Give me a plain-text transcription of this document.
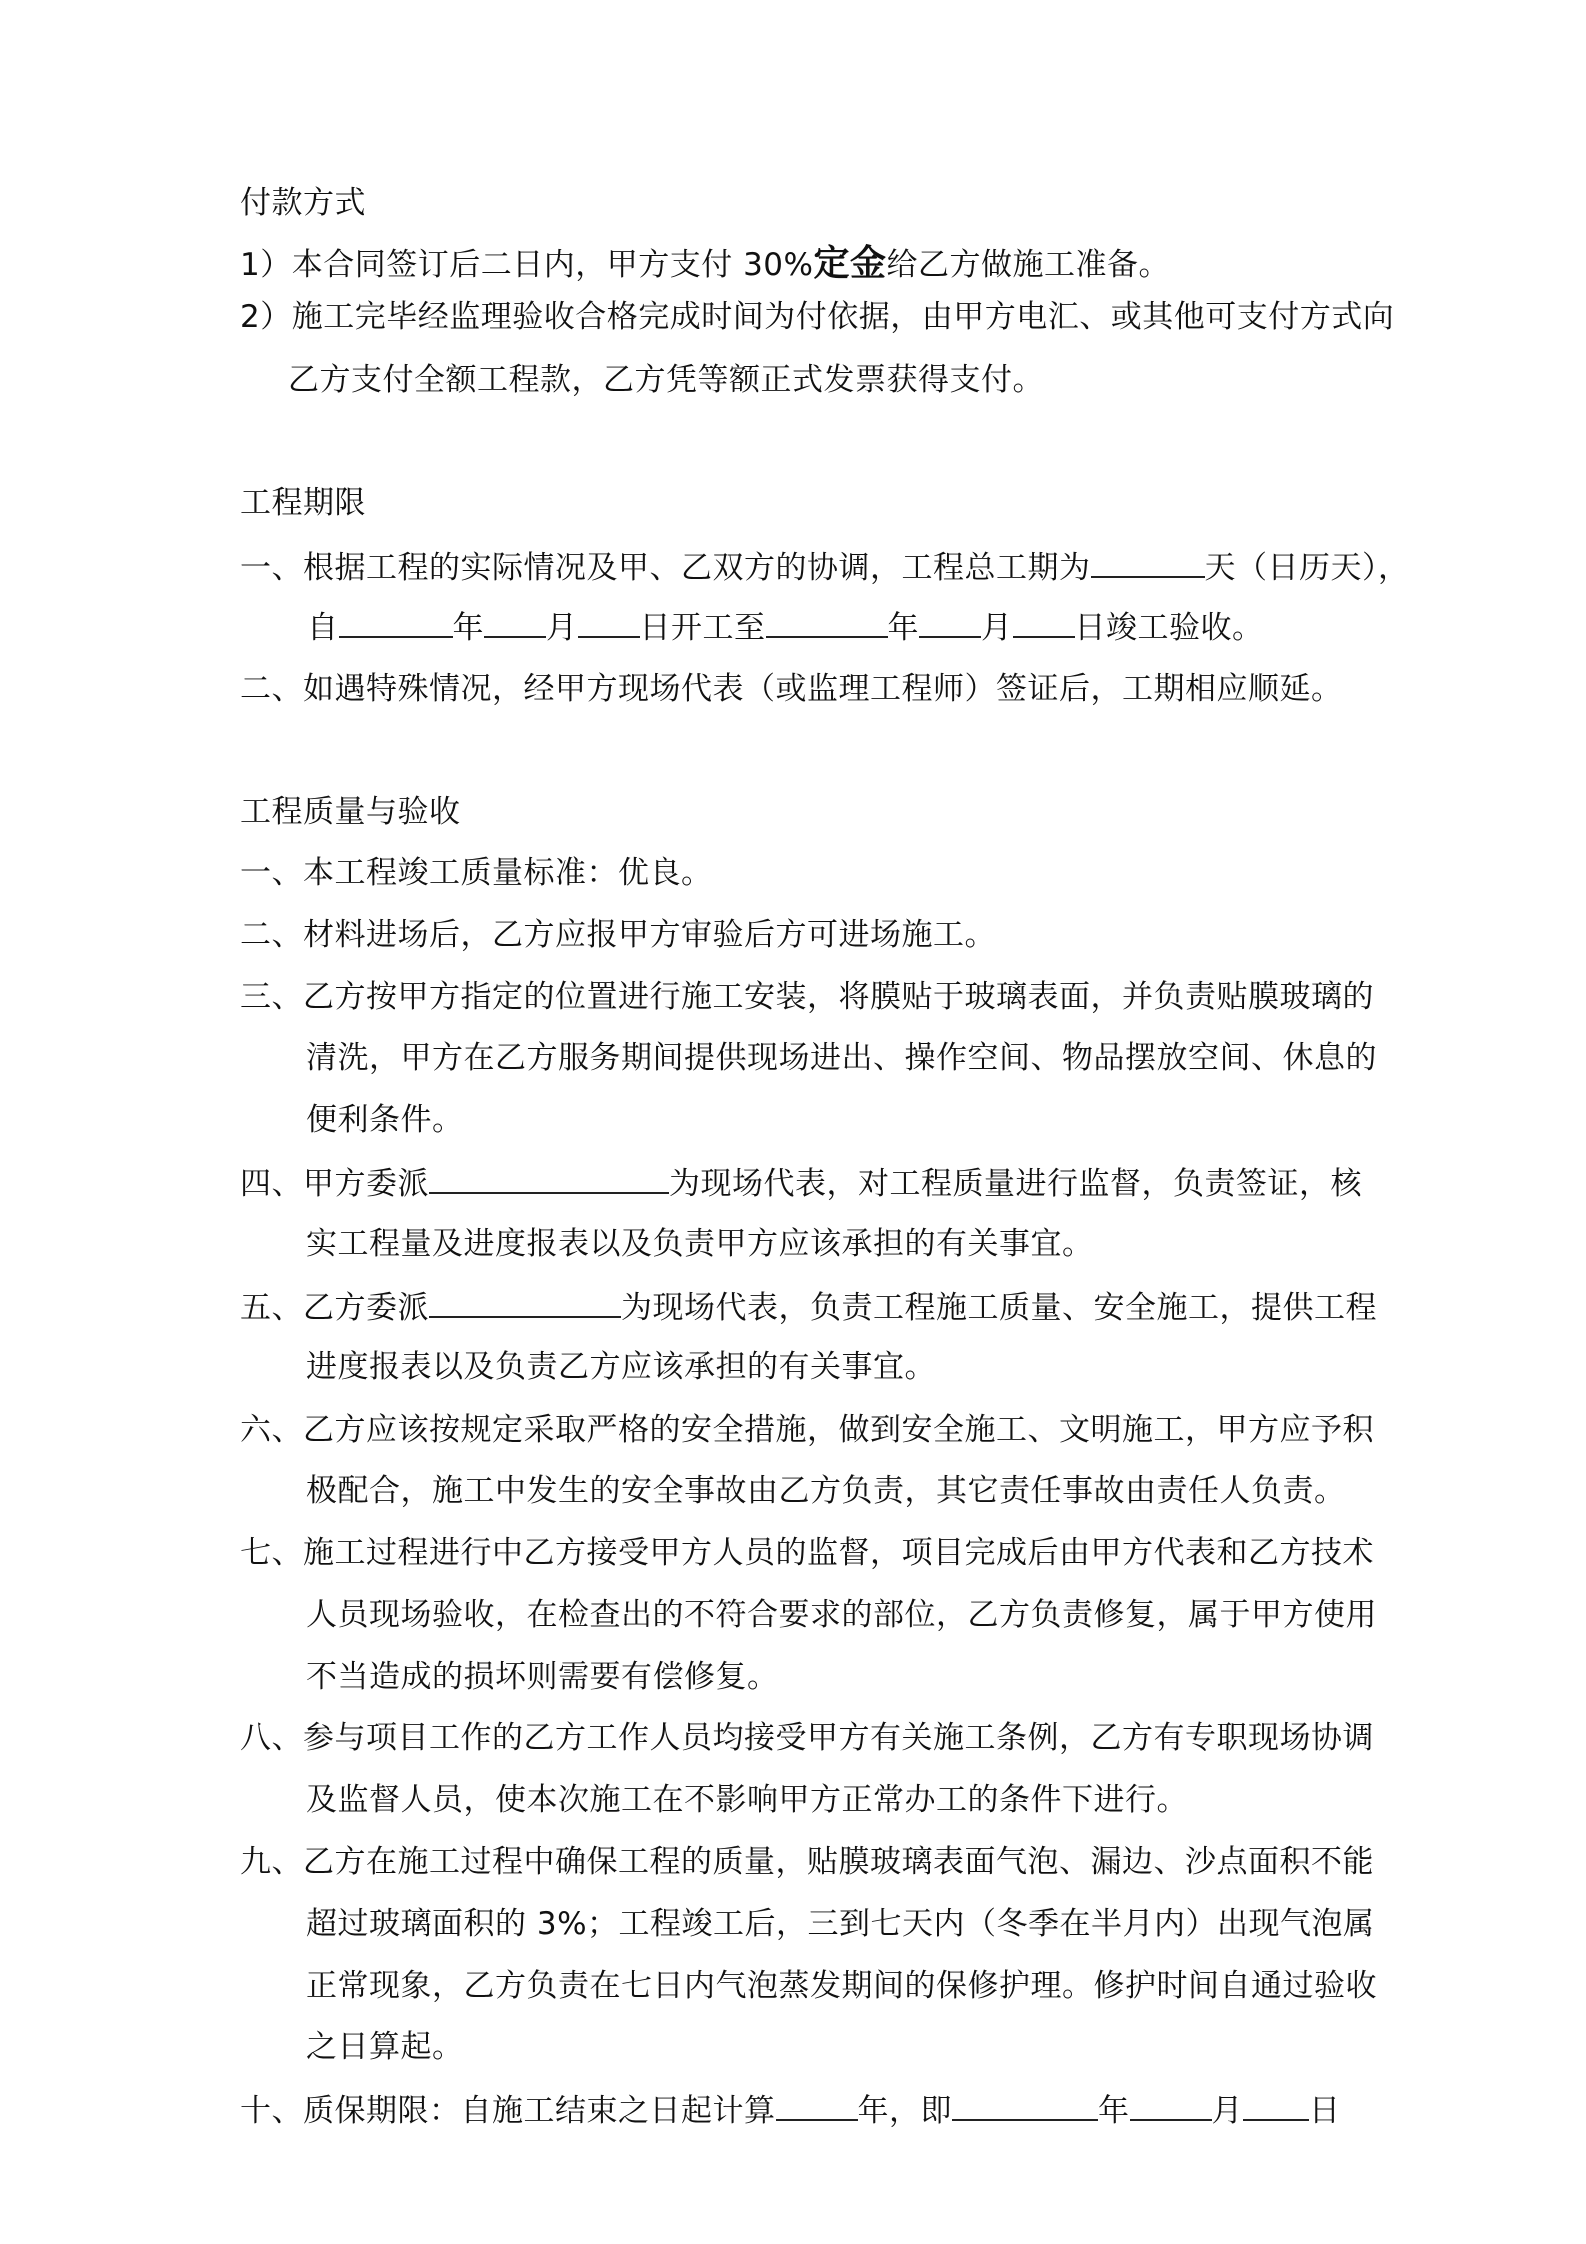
付款方式
1）本合同签订后二日内，甲方支付 30%定金给乙方做施工准备。
2）施工完毕经监理验收合格完成时间为付依据，由甲方电汇、或其他可支付方式向
乙方支付全额工程款，乙方凭等额正式发票获得支付。
工程期限
一、根据工程的实际情况及甲、乙双方的协调，工程总工期为	天（日历天），
自	年 月 日开工至	年 月 日竣工验收。
二、如遇特殊情况，经甲方现场代表（或监理工程师）签证后，工期相应顺延。
工程质量与验收
一、本工程竣工质量标准：优良。
二、材料进场后，乙方应报甲方审验后方可进场施工。
三、乙方按甲方指定的位置进行施工安装，将膜贴于玻璃表面，并负责贴膜玻璃的
清洗，甲方在乙方服务期间提供现场进出、操作空间、物品摆放空间、休息的
便利条件。
四、甲方委派	为现场代表，对工程质量进行监督，负责签证，核
实工程量及进度报表以及负责甲方应该承担的有关事宜。
五、乙方委派	为现场代表，负责工程施工质量、安全施工，提供工程
进度报表以及负责乙方应该承担的有关事宜。
六、乙方应该按规定采取严格的安全措施，做到安全施工、文明施工，甲方应予积
极配合，施工中发生的安全事故由乙方负责，其它责任事故由责任人负责。
七、施工过程进行中乙方接受甲方人员的监督，项目完成后由甲方代表和乙方技术
人员现场验收，在检查出的不符合要求的部位，乙方负责修复，属于甲方使用
不当造成的损坏则需要有偿修复。
八、参与项目工作的乙方工作人员均接受甲方有关施工条例，乙方有专职现场协调
及监督人员，使本次施工在不影响甲方正常办工的条件下进行。
九、乙方在施工过程中确保工程的质量，贴膜玻璃表面气泡、漏边、沙点面积不能
超过玻璃面积的 3%；工程竣工后，三到七天内（冬季在半月内）出现气泡属
正常现象，乙方负责在七日内气泡蒸发期间的保修护理。修护时间自通过验收
之日算起。
十、质保期限：自施工结束之日起计算	年，即	年	月 日
